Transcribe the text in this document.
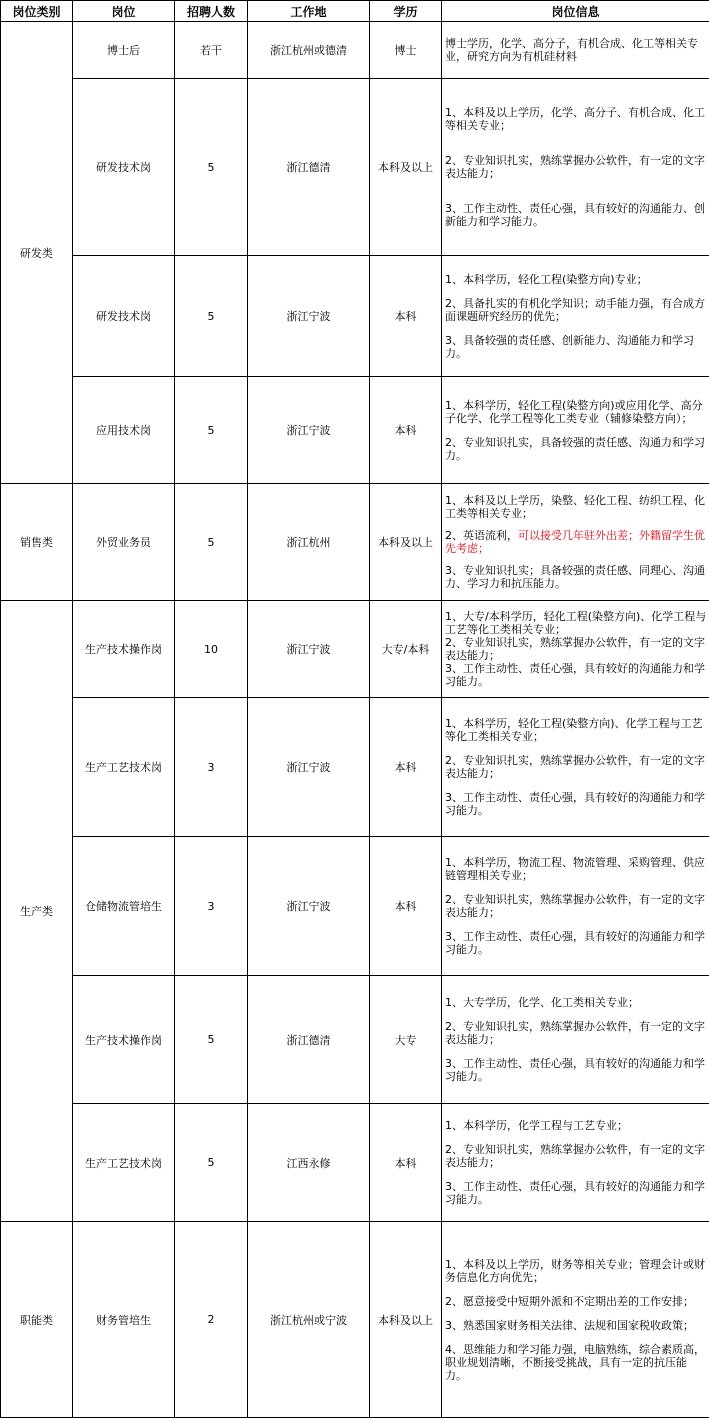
岗位类别	岗位	招聘人数	工作地	学历	岗位信息
研发类	博士后	若干	浙江杭州或德清	博士	博士学历，化学、高分子，有机合成、化工等相关专业，研究方向为有机硅材料

	研发技术岗	5	浙江德清	本科及以上	1、本科及以上学历，化学、高分子、有机合成、化工等相关专业；

2、专业知识扎实，熟练掌握办公软件，有一定的文字表达能力；

3、工作主动性、责任心强，具有较好的沟通能力、创新能力和学习能力。

	研发技术岗	5	浙江宁波	本科	1、本科学历，轻化工程(染整方向)专业；

2、具备扎实的有机化学知识；动手能力强，有合成方面课题研究经历的优先；

3、具备较强的责任感、创新能力、沟通能力和学习力。

	应用技术岗	5	浙江宁波	本科	1、本科学历，轻化工程(染整方向)或应用化学、高分子化学、化学工程等化工类专业（辅修染整方向）；

2、专业知识扎实，具备较强的责任感、沟通力和学习力。

销售类	外贸业务员	5	浙江杭州	本科及以上	1、本科及以上学历，染整、轻化工程、纺织工程、化工类等相关专业；

2、英语流利，可以接受几年驻外出差；外籍留学生优先考虑；

3、专业知识扎实；具备较强的责任感、同理心、沟通力、学习力和抗压能力。

生产类	生产技术操作岗	10	浙江宁波	大专/本科	1、大专/本科学历，轻化工程(染整方向)、化学工程与工艺等化工类相关专业；

2、专业知识扎实，熟练掌握办公软件，有一定的文字表达能力；

3、工作主动性、责任心强，具有较好的沟通能力和学习能力。

	生产工艺技术岗	3	浙江宁波	本科	1、本科学历，轻化工程(染整方向)、化学工程与工艺等化工类相关专业；

2、专业知识扎实，熟练掌握办公软件，有一定的文字表达能力；

3、工作主动性、责任心强，具有较好的沟通能力和学习能力。

	仓储物流管培生	3	浙江宁波	本科	1、本科学历，物流工程、物流管理、采购管理、供应链管理相关专业；

2、专业知识扎实，熟练掌握办公软件，有一定的文字表达能力；

3、工作主动性、责任心强，具有较好的沟通能力和学习能力。

	生产技术操作岗	5	浙江德清	大专	1、大专学历，化学、化工类相关专业；

2、专业知识扎实，熟练掌握办公软件，有一定的文字表达能力；

3、工作主动性、责任心强，具有较好的沟通能力和学习能力。

	生产工艺技术岗	5	江西永修	本科	1、本科学历，化学工程与工艺专业；

2、专业知识扎实，熟练掌握办公软件，有一定的文字表达能力；

3、工作主动性、责任心强，具有较好的沟通能力和学习能力。

职能类	财务管培生	2	浙江杭州或宁波	本科及以上	1、本科及以上学历，财务等相关专业；管理会计或财务信息化方向优先；

2、愿意接受中短期外派和不定期出差的工作安排；

3、熟悉国家财务相关法律、法规和国家税收政策；

4、思维能力和学习能力强，电脑熟练，综合素质高，职业规划清晰，不断接受挑战，具有一定的抗压能力。
